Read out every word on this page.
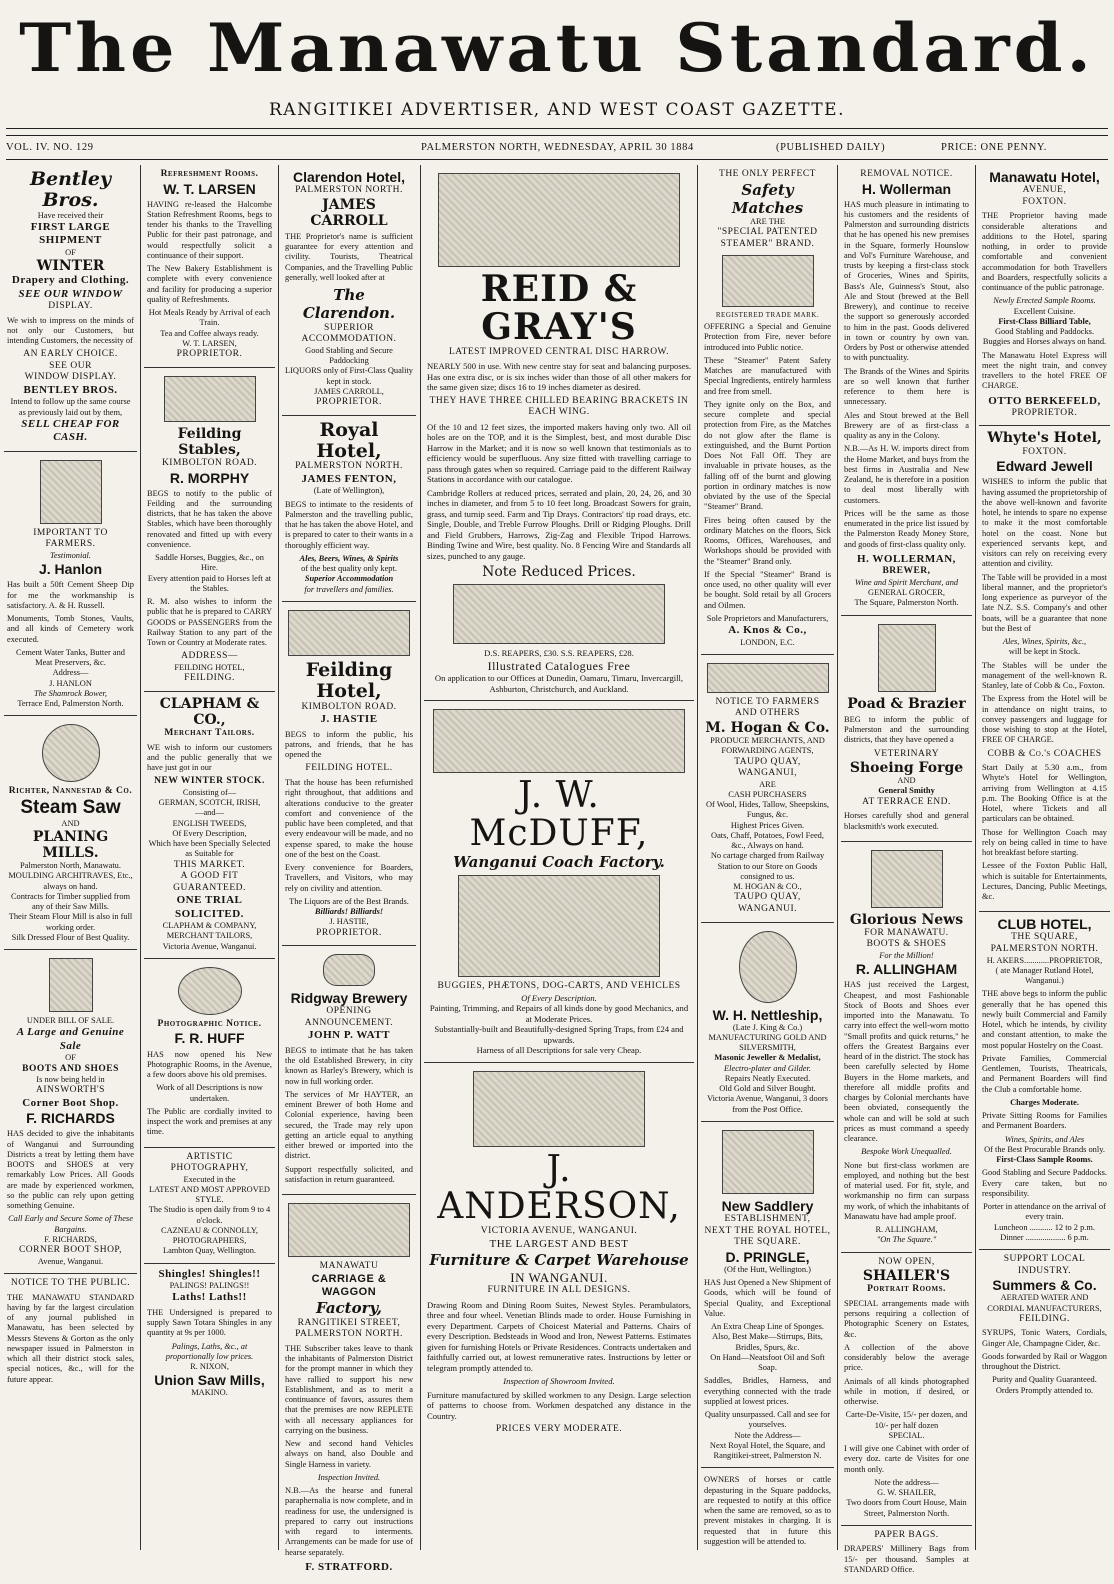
The Manawatu Standard.
RANGITIKEI ADVERTISER, AND WEST COAST GAZETTE.
VOL. IV. NO. 129	PALMERSTON NORTH, WEDNESDAY, APRIL 30 1884	(PUBLISHED DAILY)	PRICE: ONE PENNY.
Bentley Bros.

Have received their

FIRST LARGE SHIPMENT

OF

WINTER

Drapery and Clothing.

SEE OUR WINDOW

DISPLAY.

We wish to impress on the minds of not only our Customers, but intending Customers, the necessity of

AN EARLY CHOICE.

SEE OUR

WINDOW DISPLAY.

BENTLEY BROS.

Intend to follow up the same course as previously laid out by them,

SELL CHEAP FOR CASH.

IMPORTANT TO FARMERS.

Testimonial.

J. Hanlon

Has built a 50ft Cement Sheep Dip for me the workmanship is satisfactory. A. & H. Russell.

Monuments, Tomb Stones, Vaults, and all kinds of Cemetery work executed.

Cement Water Tanks, Butter and Meat Preservers, &c.

Address—

J. HANLON

The Shamrock Bower,

Terrace End, Palmerston North.

Richter, Nannestad & Co.

Steam Saw

AND

PLANING MILLS.

Palmerston North, Manawatu.

MOULDING ARCHITRAVES, Etc., always on hand.

Contracts for Timber supplied from any of their Saw Mills.

Their Steam Flour Mill is also in full working order.

Silk Dressed Flour of Best Quality.

UNDER BILL OF SALE.

A Large and Genuine Sale

OF

BOOTS AND SHOES

Is now being held in

AINSWORTH'S

Corner Boot Shop.

F. RICHARDS

HAS decided to give the inhabitants of Wanganui and Surrounding Districts a treat by letting them have BOOTS and SHOES at very remarkably Low Prices. All Goods are made by experienced workmen, so the public can rely upon getting something Genuine.

Call Early and Secure Some of These Bargains.

F. RICHARDS,

CORNER BOOT SHOP,

Avenue, Wanganui.

NOTICE TO THE PUBLIC.

THE MANAWATU STANDARD having by far the largest circulation of any journal published in Manawatu, has been selected by Messrs Stevens & Gorton as the only newspaper issued in Palmerston in which all their district stock sales, special notices, &c., will for the future appear.

Refreshment Rooms.

W. T. LARSEN

HAVING re-leased the Halcombe Station Refreshment Rooms, begs to tender his thanks to the Travelling Public for their past patronage, and would respectfully solicit a continuance of their support.

The New Bakery Establishment is complete with every convenience and facility for producing a superior quality of Refreshments.

Hot Meals Ready by Arrival of each Train.

Tea and Coffee always ready.

W. T. LARSEN,

PROPRIETOR.

Feilding Stables,

KIMBOLTON ROAD.

R. MORPHY

BEGS to notify to the public of Feilding and the surrounding districts, that he has taken the above Stables, which have been thoroughly renovated and fitted up with every convenience.

Saddle Horses, Buggies, &c., on Hire.

Every attention paid to Horses left at the Stables.

R. M. also wishes to inform the public that he is prepared to CARRY GOODS or PASSENGERS from the Railway Station to any part of the Town or Country at Moderate rates.

ADDRESS—

FEILDING HOTEL,

FEILDING.

CLAPHAM & CO.,

Merchant Tailors.

WE wish to inform our customers and the public generally that we have just got in our

NEW WINTER STOCK.

Consisting of—

GERMAN, SCOTCH, IRISH,

—and—

ENGLISH TWEEDS,

Of Every Description,

Which have been Specially Selected as Suitable for

THIS MARKET.

A GOOD FIT GUARANTEED.

ONE TRIAL SOLICITED.

CLAPHAM & COMPANY,

MERCHANT TAILORS,

Victoria Avenue, Wanganui.

Photographic Notice.

F. R. HUFF

HAS now opened his New Photographic Rooms, in the Avenue, a few doors above his old premises.

Work of all Descriptions is now undertaken.

The Public are cordially invited to inspect the work and premises at any time.

ARTISTIC PHOTOGRAPHY,

Executed in the

LATEST AND MOST APPROVED STYLE.

The Studio is open daily from 9 to 4 o'clock.

CAZNEAU & CONNOLLY,

PHOTOGRAPHERS,

Lambton Quay, Wellington.

Shingles! Shingles!!

PALINGS! PALINGS!!

Laths! Laths!!

THE Undersigned is prepared to supply Sawn Totara Shingles in any quantity at 9s per 1000.

Palings, Laths, &c., at proportionally low prices.

R. NIXON,

Union Saw Mills,

MAKINO.

Clarendon Hotel,

PALMERSTON NORTH.

JAMES CARROLL

THE Proprietor's name is sufficient guarantee for every attention and civility. Tourists, Theatrical Companies, and the Travelling Public generally, well looked after at

The Clarendon.

SUPERIOR ACCOMMODATION.

Good Stabling and Secure Paddocking

LIQUORS only of First-Class Quality kept in stock.

JAMES CARROLL,

PROPRIETOR.

Royal Hotel,

PALMERSTON NORTH.

JAMES FENTON,

(Late of Wellington),

BEGS to intimate to the residents of Palmerston and the travelling public, that he has taken the above Hotel, and is prepared to cater to their wants in a thoroughly efficient way.

Ales, Beers, Wines, & Spirits

of the best quality only kept.

Superior Accommodation

for travellers and families.

Feilding Hotel,

KIMBOLTON ROAD.

J. HASTIE

BEGS to inform the public, his patrons, and friends, that he has opened the

FEILDING HOTEL.

That the house has been refurnished right throughout, that additions and alterations conducive to the greater comfort and convenience of the public have been completed, and that every endeavour will be made, and no expense spared, to make the house one of the best on the Coast.

Every convenience for Boarders, Travellers, and Visitors, who may rely on civility and attention.

The Liquors are of the Best Brands.

Billiards! Billiards!

J. HASTIE,

PROPRIETOR.

Ridgway Brewery

OPENING ANNOUNCEMENT.

JOHN P. WATT

BEGS to intimate that he has taken the old Established Brewery, in city known as Harley's Brewery, which is now in full working order.

The services of Mr HAYTER, an eminent Brewer of both Home and Colonial experience, having been secured, the Trade may rely upon getting an article equal to anything either brewed or imported into the district.

Support respectfully solicited, and satisfaction in return guaranteed.

MANAWATU

CARRIAGE & WAGGON

Factory,

RANGITIKEI STREET, PALMERSTON NORTH.

THE Subscriber takes leave to thank the inhabitants of Palmerston District for the prompt manner in which they have rallied to support his new Establishment, and as to merit a continuance of favors, assures them that the premises are now REPLETE with all necessary appliances for carrying on the business.

New and second hand Vehicles always on hand, also Double and Single Harness in variety.

Inspection Invited.

N.B.—As the hearse and funeral paraphernalia is now complete, and in readiness for use, the undersigned is prepared to carry out instructions with regard to interments. Arrangements can be made for use of hearse separately.

F. STRATFORD.

REID & GRAY'S

LATEST IMPROVED CENTRAL DISC HARROW.

NEARLY 500 in use. With new centre stay for seat and balancing purposes. Has one extra disc, or is six inches wider than those of all other makers for the same given size; discs 16 to 19 inches diameter as desired.

THEY HAVE THREE CHILLED BEARING BRACKETS IN EACH WING.

Of the 10 and 12 feet sizes, the imported makers having only two. All oil holes are on the TOP, and it is the Simplest, best, and most durable Disc Harrow in the Market; and it is now so well known that testimonials as to efficiency would be superfluous. Any size fitted with travelling carriage to pass through gates when so required. Carriage paid to the different Railway Stations in accordance with our catalogue.

Cambridge Rollers at reduced prices, serrated and plain, 20, 24, 26, and 30 inches in diameter, and from 5 to 10 feet long. Broadcast Sowers for grain, grass, and turnip seed. Farm and Tip Drays. Contractors' tip road drays, etc. Single, Double, and Treble Furrow Ploughs. Drill or Ridging Ploughs. Drill and Field Grubbers, Harrows, Zig-Zag and Flexible Tripod Harrows. Binding Twine and Wire, best quality. No. 8 Fencing Wire and Standards all sizes, punched to any gauge.

Note Reduced Prices.

D.S. REAPERS, £30. S.S. REAPERS, £28.

Illustrated Catalogues Free

On application to our Offices at Dunedin, Oamaru, Timaru, Invercargill, Ashburton, Christchurch, and Auckland.

J. W. McDUFF,

Wanganui Coach Factory.

BUGGIES, PHÆTONS, DOG-CARTS, AND VEHICLES

Of Every Description.

Painting, Trimming, and Repairs of all kinds done by good Mechanics, and at Moderate Prices.

Substantially-built and Beautifully-designed Spring Traps, from £24 and upwards.

Harness of all Descriptions for sale very Cheap.

J. ANDERSON,

VICTORIA AVENUE, WANGANUI.

THE LARGEST AND BEST

Furniture & Carpet Warehouse

IN WANGANUI.

FURNITURE IN ALL DESIGNS.

Drawing Room and Dining Room Suites, Newest Styles. Perambulators, three and four wheel. Venetian Blinds made to order. House Furnishing in every Department. Carpets of Choicest Material and Patterns. Chairs of every Description. Bedsteads in Wood and Iron, Newest Patterns. Estimates given for furnishing Hotels or Private Residences. Contracts undertaken and faithfully carried out, at lowest remunerative rates. Instructions by letter or telegram promptly attended to.

Inspection of Showroom Invited.

Furniture manufactured by skilled workmen to any Design. Large selection of patterns to choose from. Workmen despatched any distance in the Country.

PRICES VERY MODERATE.

THE ONLY PERFECT

Safety Matches

ARE THE

"SPECIAL PATENTED STEAMER" BRAND.

REGISTERED TRADE MARK.

OFFERING a Special and Genuine Protection from Fire, never before introduced into Public notice.

These "Steamer" Patent Safety Matches are manufactured with Special Ingredients, entirely harmless and free from smell.

They ignite only on the Box, and secure complete and special protection from Fire, as the Matches do not glow after the flame is extinguished, and the Burnt Portion Does Not Fall Off. They are invaluable in private houses, as the falling off of the burnt and glowing portion in ordinary matches is now obviated by the use of the Special "Steamer" Brand.

Fires being often caused by the ordinary Matches on the floors, Sick Rooms, Offices, Warehouses, and Workshops should be provided with the "Steamer" Brand only.

If the Special "Steamer" Brand is once used, no other quality will ever be bought. Sold retail by all Grocers and Oilmen.

Sole Proprietors and Manufacturers,

A. Knos & Co.,

LONDON, E.C.

NOTICE TO FARMERS AND OTHERS

M. Hogan & Co.

PRODUCE MERCHANTS, AND FORWARDING AGENTS,

TAUPO QUAY, WANGANUI,

ARE

CASH PURCHASERS

Of Wool, Hides, Tallow, Sheepskins, Fungus, &c.

Highest Prices Given.

Oats, Chaff, Potatoes, Fowl Feed, &c., Always on hand.

No cartage charged from Railway Station to our Store on Goods consigned to us.

M. HOGAN & CO.,

TAUPO QUAY, WANGANUI.

W. H. Nettleship,

(Late J. King & Co.)

MANUFACTURING GOLD AND SILVERSMITH,

Masonic Jeweller & Medalist,

Electro-plater and Gilder.

Repairs Neatly Executed.

Old Gold and Silver Bought.

Victoria Avenue, Wanganui, 3 doors from the Post Office.

New Saddlery

ESTABLISHMENT,

NEXT THE ROYAL HOTEL, THE SQUARE.

D. PRINGLE,

(Of the Hutt, Wellington.)

HAS Just Opened a New Shipment of Goods, which will be found of Special Quality, and Exceptional Value.

An Extra Cheap Line of Sponges. Also, Best Make—Stirrups, Bits, Bridles, Spurs, &c.

On Hand—Neatsfoot Oil and Soft Soap.

Saddles, Bridles, Harness, and everything connected with the trade supplied at lowest prices.

Quality unsurpassed. Call and see for yourselves.

Note the Address—

Next Royal Hotel, the Square, and Rangitikei-street, Palmerston N.

OWNERS of horses or cattle depasturing in the Square paddocks, are requested to notify at this office when the same are removed, so as to prevent mistakes in charging. It is requested that in future this suggestion will be attended to.

REMOVAL NOTICE.

H. Wollerman

HAS much pleasure in intimating to his customers and the residents of Palmerston and surrounding districts that he has opened his new premises in the Square, formerly Hounslow and Vol's Furniture Warehouse, and trusts by keeping a first-class stock of Groceries, Wines and Spirits, Bass's Ale, Guinness's Stout, also Ale and Stout (brewed at the Bell Brewery), and continue to receive the support so generously accorded to him in the past. Goods delivered in town or country by own van. Orders by Post or otherwise attended to with punctuality.

The Brands of the Wines and Spirits are so well known that further reference to them here is unnecessary.

Ales and Stout brewed at the Bell Brewery are of as first-class a quality as any in the Colony.

N.B.—As H. W. imports direct from the Home Market, and buys from the best firms in Australia and New Zealand, he is therefore in a position to deal most liberally with customers.

Prices will be the same as those enumerated in the price list issued by the Palmerston Ready Money Store, and goods of first-class quality only.

H. WOLLERMAN,

BREWER,

Wine and Spirit Merchant, and

GENERAL GROCER,

The Square, Palmerston North.

Poad & Brazier

BEG to inform the public of Palmerston and the surrounding districts, that they have opened a

VETERINARY

Shoeing Forge

AND

General Smithy

AT TERRACE END.

Horses carefully shod and general blacksmith's work executed.

Glorious News

FOR MANAWATU.

BOOTS & SHOES

For the Million!

R. ALLINGHAM

HAS just received the Largest, Cheapest, and most Fashionable Stock of Boots and Shoes ever imported into the Manawatu. To carry into effect the well-worn motto "Small profits and quick returns," he offers the Greatest Bargains ever heard of in the district. The stock has been carefully selected by Home Buyers in the Home markets, and therefore all middle profits and charges by Colonial merchants have been obviated, consequently the whole can and will be sold at such prices as must command a speedy clearance.

Bespoke Work Unequalled.

None but first-class workmen are employed, and nothing but the best of material used. For fit, style, and workmanship no firm can surpass my work, of which the inhabitants of Manawatu have had ample proof.

R. ALLINGHAM,

"On The Square."

NOW OPEN,

SHAILER'S

Portrait Rooms.

SPECIAL arrangements made with persons requiring a collection of Photographic Scenery on Estates, &c.

A collection of the above considerably below the average price.

Animals of all kinds photographed while in motion, if desired, or otherwise.

Carte-De-Visite, 15/- per dozen, and 10/- per half dozen

SPECIAL.

I will give one Cabinet with order of every doz. carte de Visites for one month only.

Note the address—

G. W. SHAILER,

Two doors from Court House, Main Street, Palmerston North.

PAPER BAGS.

DRAPERS' Millinery Bags from 15/- per thousand. Samples at STANDARD Office.

Manawatu Hotel,

AVENUE,

FOXTON.

THE Proprietor having made considerable alterations and additions to the Hotel, sparing nothing, in order to provide comfortable and convenient accommodation for both Travellers and Boarders, respectfully solicits a continuance of the public patronage.

Newly Erected Sample Rooms.

Excellent Cuisine.

First-Class Billiard Table,

Good Stabling and Paddocks.

Buggies and Horses always on hand.

The Manawatu Hotel Express will meet the night train, and convey travellers to the hotel FREE OF CHARGE.

OTTO BERKEFELD,

PROPRIETOR.

Whyte's Hotel,

FOXTON.

Edward Jewell

WISHES to inform the public that having assumed the proprietorship of the above well-known and favorite hotel, he intends to spare no expense to make it the most comfortable hotel on the coast. None but experienced servants kept, and visitors can rely on receiving every attention and civility.

The Table will be provided in a most liberal manner, and the proprietor's long experience as purveyor of the late N.Z. S.S. Company's and other boats, will be a guarantee that none but the Best of

Ales, Wines, Spirits, &c.,

will be kept in Stock.

The Stables will be under the management of the well-known R. Stanley, late of Cobb & Co., Foxton.

The Express from the Hotel will be in attendance on night trains, to convey passengers and luggage for those wishing to stop at the Hotel, FREE OF CHARGE.

COBB & Co.'s COACHES

Start Daily at 5.30 a.m., from Whyte's Hotel for Wellington, arriving from Wellington at 4.15 p.m. The Booking Office is at the Hotel, where Tickets and all particulars can be obtained.

Those for Wellington Coach may rely on being called in time to have hot breakfast before starting.

Lessee of the Foxton Public Hall, which is suitable for Entertainments, Lectures, Dancing, Public Meetings, &c.

CLUB HOTEL,

THE SQUARE,

PALMERSTON NORTH.

H. AKERS............PROPRIETOR,

( ate Manager Rutland Hotel, Wanganui.)

THE above begs to inform the public generally that he has opened this newly built Commercial and Family Hotel, which he intends, by civility and constant attention, to make the most popular Hostelry on the Coast.

Private Families, Commercial Gentlemen, Tourists, Theatricals, and Permanent Boarders will find the Club a comfortable home.

Charges Moderate.

Private Sitting Rooms for Families and Permanent Boarders.

Wines, Spirits, and Ales

Of the Best Procurable Brands only.

First-Class Sample Rooms.

Good Stabling and Secure Paddocks. Every care taken, but no responsibility.

Porter in attendance on the arrival of every train.

Luncheon ........... 12 to 2 p.m.

Dinner ................... 6 p.m.

SUPPORT LOCAL INDUSTRY.

Summers & Co.

AERATED WATER AND CORDIAL MANUFACTURERS,

FEILDING.

SYRUPS, Tonic Waters, Cordials, Ginger Ale, Champagne Cider, &c.

Goods forwarded by Rail or Waggon throughout the District.

Purity and Quality Guaranteed.

Orders Promptly attended to.
